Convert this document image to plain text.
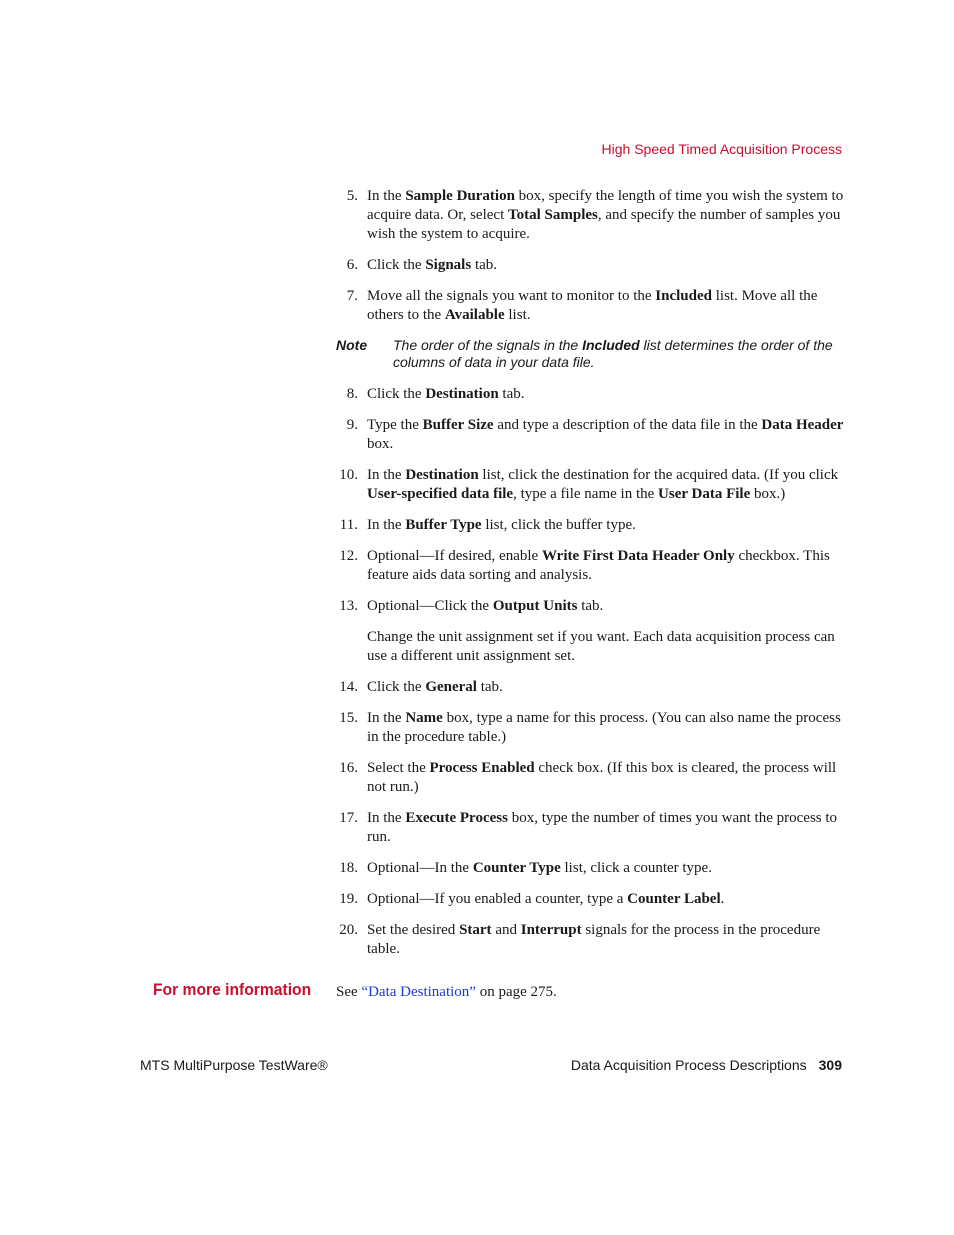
High Speed Timed Acquisition Process
5. In the Sample Duration box, specify the length of time you wish the system to acquire data. Or, select Total Samples, and specify the number of samples you wish the system to acquire.

6. Click the Signals tab.

7. Move all the signals you want to monitor to the Included list. Move all the others to the Available list.

Note The order of the signals in the Included list determines the order of the columns of data in your data file.
8. Click the Destination tab.

9. Type the Buffer Size and type a description of the data file in the Data Header box.

10. In the Destination list, click the destination for the acquired data. (If you click User-specified data file, type a file name in the User Data File box.)

11. In the Buffer Type list, click the buffer type.

12. Optional—If desired, enable Write First Data Header Only checkbox. This feature aids data sorting and analysis.

13. Optional—Click the Output Units tab.

Change the unit assignment set if you want. Each data acquisition process can use a different unit assignment set.

14. Click the General tab.

15. In the Name box, type a name for this process. (You can also name the process in the procedure table.)

16. Select the Process Enabled check box. (If this box is cleared, the process will not run.)

17. In the Execute Process box, type the number of times you want the process to run.

18. Optional—In the Counter Type list, click a counter type.

19. Optional—If you enabled a counter, type a Counter Label.

20. Set the desired Start and Interrupt signals for the process in the procedure table.

For more information See “Data Destination” on page 275.
MTS MultiPurpose TestWare®	Data Acquisition Process Descriptions 309
